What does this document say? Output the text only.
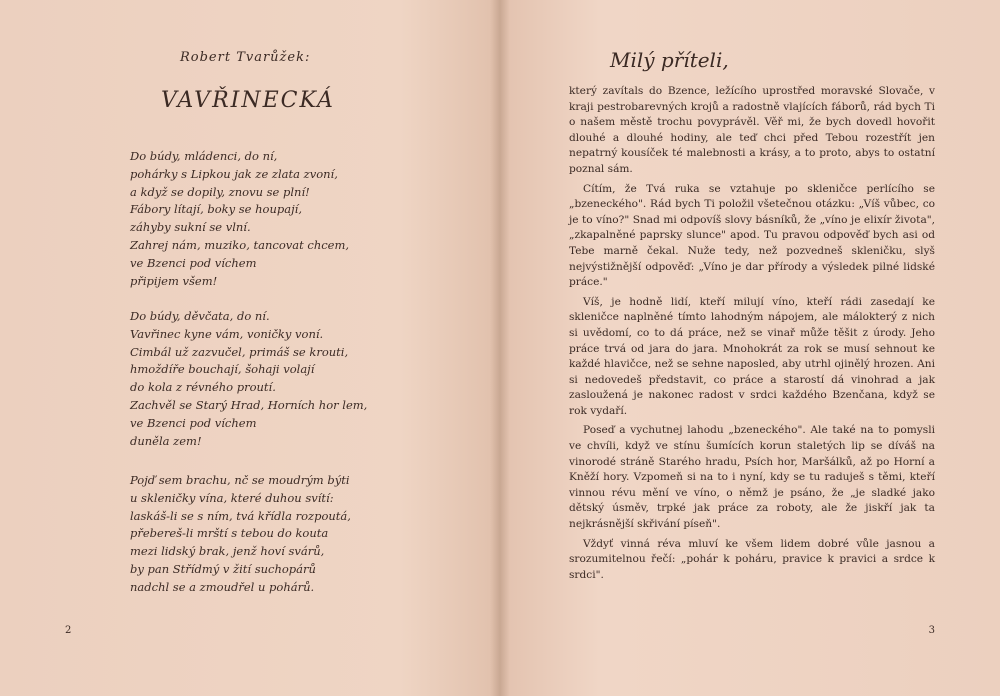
Robert Tvarůžek:
VAVŘINECKÁ
Do búdy, mládenci, do ní,
pohárky s Lipkou jak ze zlata zvoní,
a když se dopily, znovu se plní!
Fábory lítají, boky se houpají,
záhyby sukní se vlní.
Zahrej nám, muziko, tancovat chcem,
ve Bzenci pod víchem
připijem všem!
Do búdy, děvčata, do ní.
Vavřinec kyne vám, voničky voní.
Cimbál už zazvučel, primáš se krouti,
hmoždíře bouchají, šohaji volají
do kola z révného proutí.
Zachvěl se Starý Hrad, Horních hor lem,
ve Bzenci pod víchem
duněla zem!
Pojď sem brachu, nč se moudrým býti
u skleničky vína, které duhou svítí:
laskáš-li se s ním, tvá křídla rozpoutá,
přebereš-li mrští s tebou do kouta
mezi lidský brak, jenž hoví svárů,
by pan Střídmý v žití suchopárů
nadchl se a zmoudřel u pohárů.
2
Milý příteli,

který zavítals do Bzence, ležícího uprostřed moravské Slovače, v kraji pestrobarevných krojů a radostně vlajících fáborů, rád bych Ti o našem městě trochu povyprávěl. Věř mi, že bych dovedl hovořit dlouhé a dlouhé hodiny, ale teď chci před Tebou rozestřít jen nepatrný kousíček té malebnosti a krásy, a to proto, abys to ostatní poznal sám.

Cítím, že Tvá ruka se vztahuje po skleničce perlícího se „bzeneckého". Rád bych Ti položil všetečnou otázku: „Víš vůbec, co je to víno?" Snad mi odpovíš slovy básníků, že „víno je elixír života", „zkapalněné paprsky slunce" apod. Tu pravou odpověď bych asi od Tebe marně čekal. Nuže tedy, než pozvedneš skleničku, slyš nejvýstižnější odpověď: „Víno je dar přírody a výsledek pilné lidské práce."

Víš, je hodně lidí, kteří milují víno, kteří rádi zasedají ke skleničce naplněné tímto lahodným nápojem, ale málokterý z nich si uvědomí, co to dá práce, než se vinař může těšit z úrody. Jeho práce trvá od jara do jara. Mnohokrát za rok se musí sehnout ke každé hlavičce, než se sehne naposled, aby utrhl ojinělý hrozen. Ani si nedovedeš představit, co práce a starostí dá vinohrad a jak zasloužená je nakonec radost v srdci každého Bzenčana, když se rok vydaří.

Poseď a vychutnej lahodu „bzeneckého". Ale také na to pomysli ve chvíli, když ve stínu šumících korun staletých lip se díváš na vinorodé stráně Starého hradu, Psích hor, Maršálků, až po Horní a Kněží hory. Vzpomeň si na to i nyní, kdy se tu raduješ s těmi, kteří vinnou révu mění ve víno, o němž je psáno, že „je sladké jako dětský úsměv, trpké jak práce za roboty, ale že jiskří jak ta nejkrásnější skřivání píseň".

Vždyť vinná réva mluví ke všem lidem dobré vůle jasnou a srozumitelnou řečí: „pohár k poháru, pravice k pravici a srdce k srdci".

3
